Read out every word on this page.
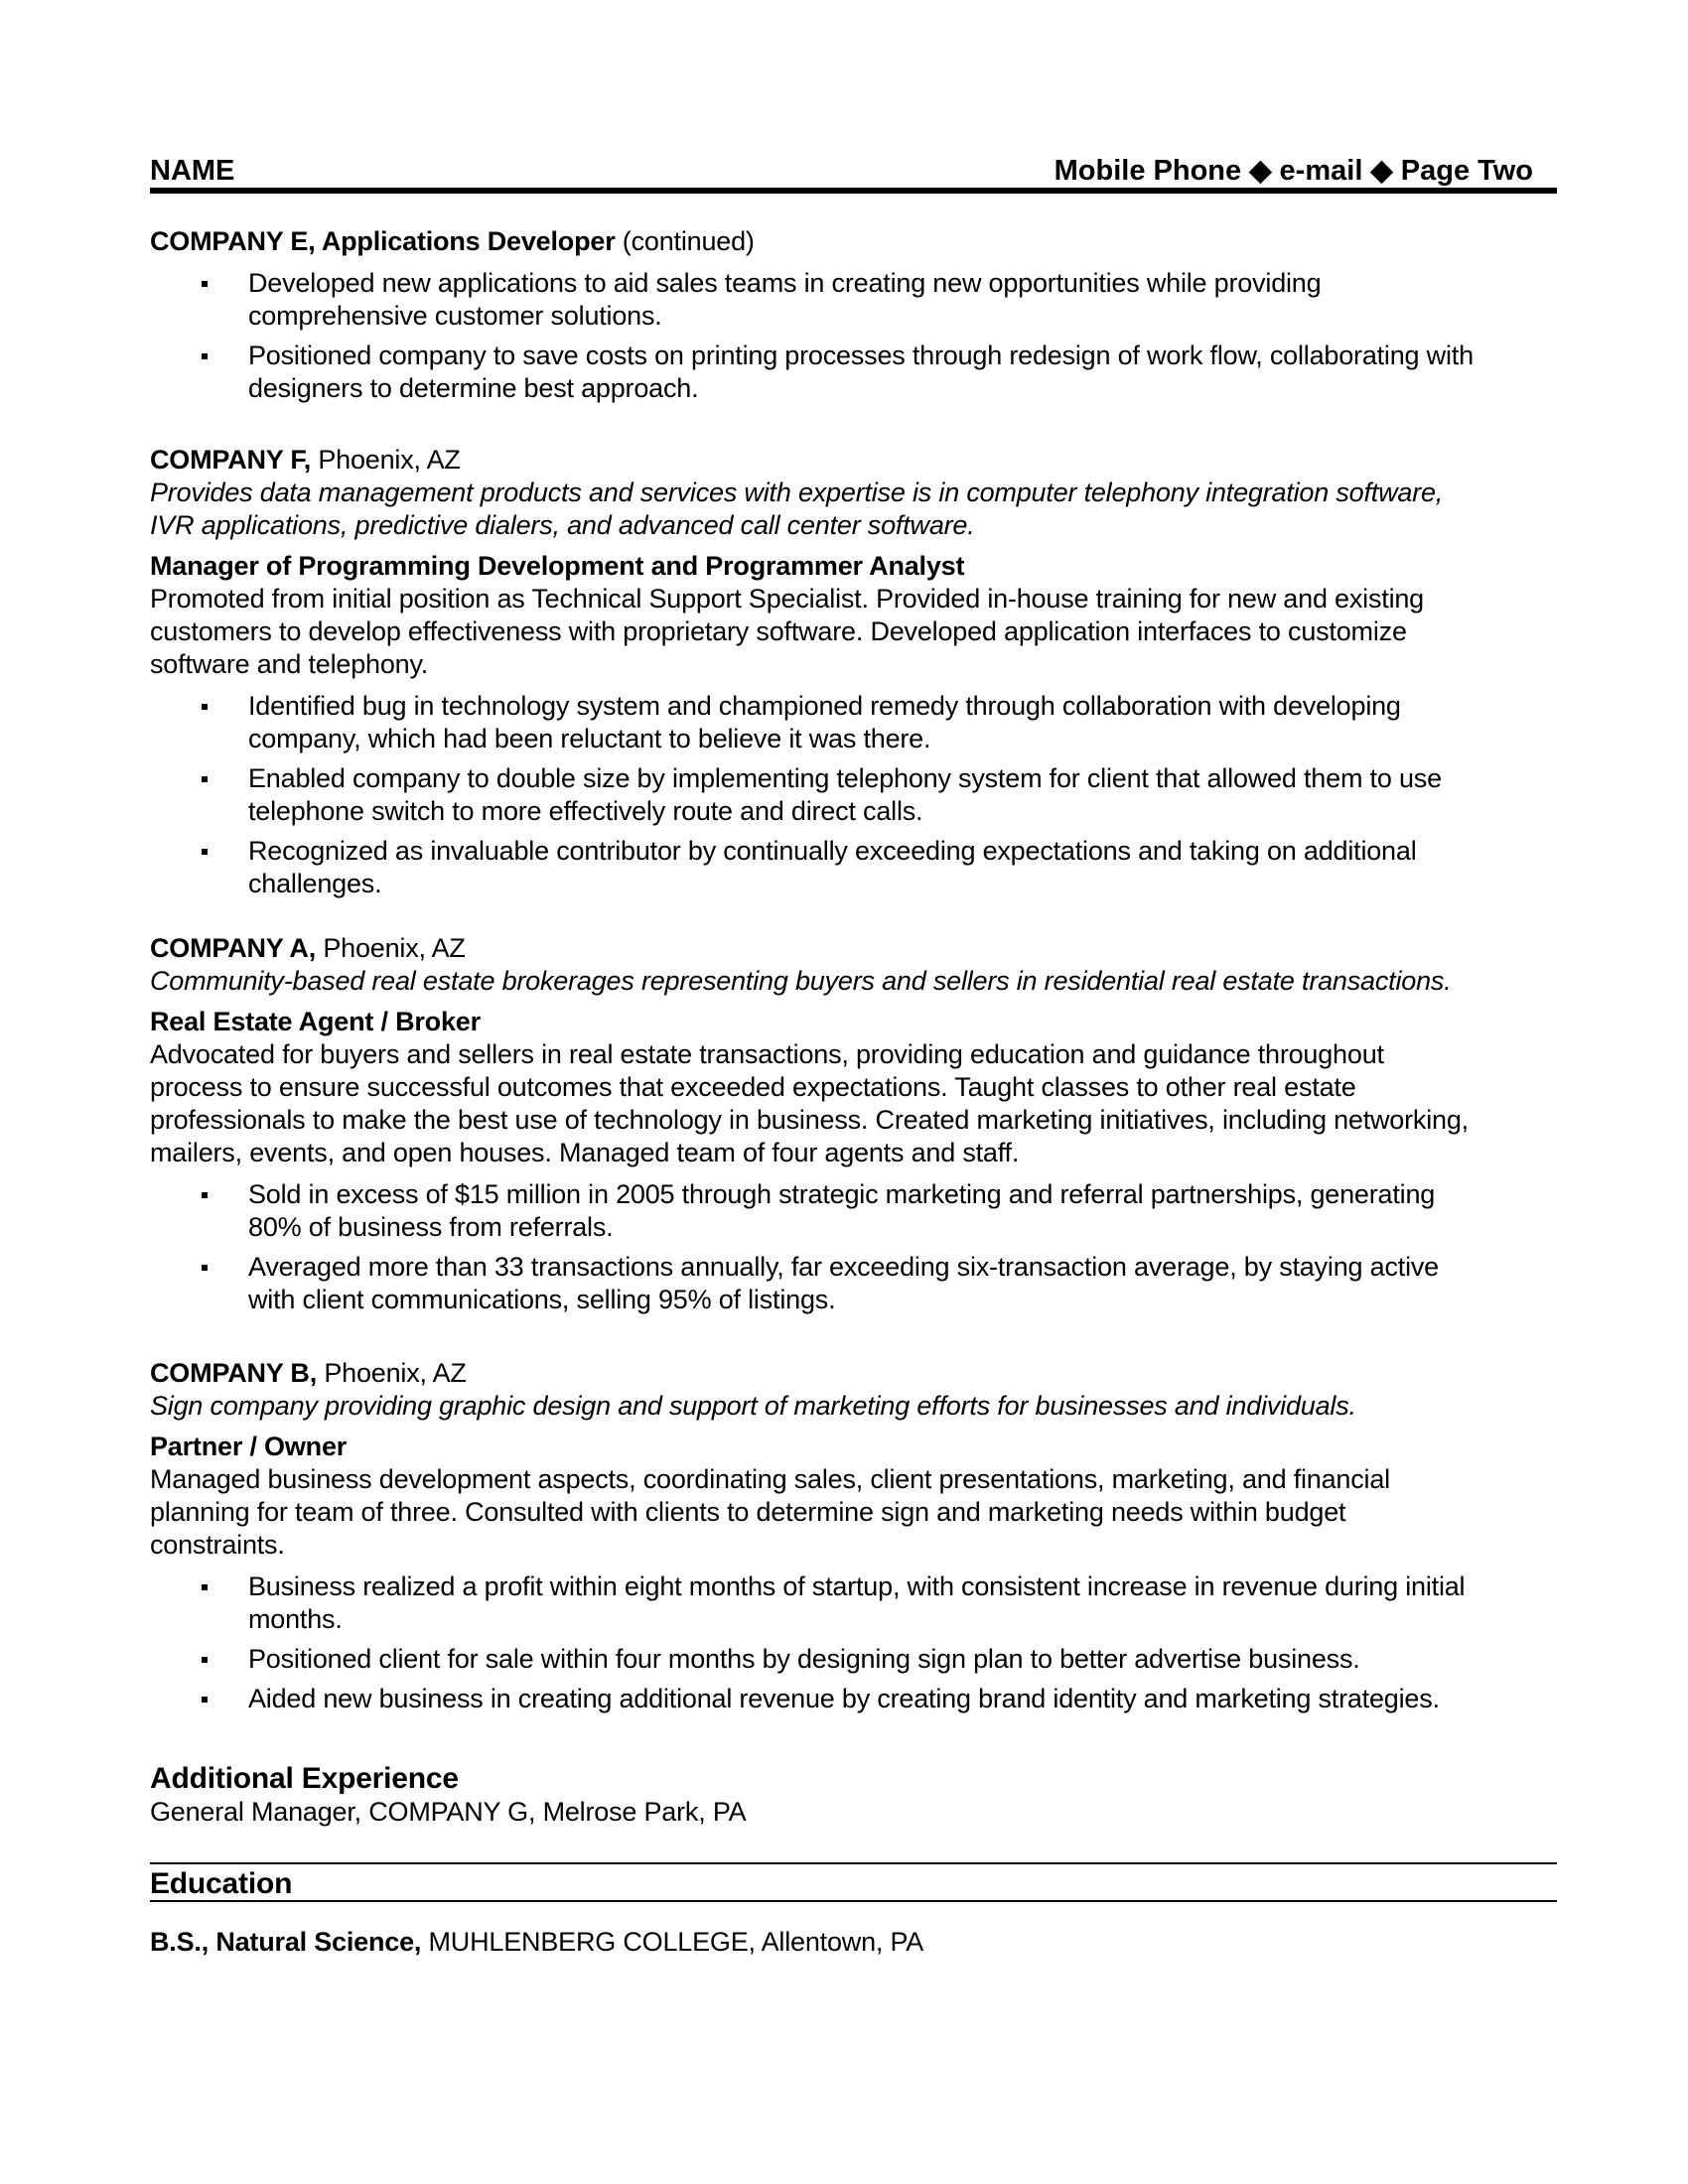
NAME	Mobile Phone ◆ e-mail ◆ Page Two
COMPANY E, Applications Developer (continued)
Developed new applications to aid sales teams in creating new opportunities while providing
comprehensive customer solutions.
Positioned company to save costs on printing processes through redesign of work flow, collaborating with
designers to determine best approach.
COMPANY F, Phoenix, AZ
Provides data management products and services with expertise is in computer telephony integration software,
IVR applications, predictive dialers, and advanced call center software.
Manager of Programming Development and Programmer Analyst
Promoted from initial position as Technical Support Specialist. Provided in-house training for new and existing
customers to develop effectiveness with proprietary software. Developed application interfaces to customize
software and telephony.
Identified bug in technology system and championed remedy through collaboration with developing
company, which had been reluctant to believe it was there.
Enabled company to double size by implementing telephony system for client that allowed them to use
telephone switch to more effectively route and direct calls.
Recognized as invaluable contributor by continually exceeding expectations and taking on additional
challenges.
COMPANY A, Phoenix, AZ
Community-based real estate brokerages representing buyers and sellers in residential real estate transactions.
Real Estate Agent / Broker
Advocated for buyers and sellers in real estate transactions, providing education and guidance throughout
process to ensure successful outcomes that exceeded expectations. Taught classes to other real estate
professionals to make the best use of technology in business. Created marketing initiatives, including networking,
mailers, events, and open houses. Managed team of four agents and staff.
Sold in excess of $15 million in 2005 through strategic marketing and referral partnerships, generating
80% of business from referrals.
Averaged more than 33 transactions annually, far exceeding six-transaction average, by staying active
with client communications, selling 95% of listings.
COMPANY B, Phoenix, AZ
Sign company providing graphic design and support of marketing efforts for businesses and individuals.
Partner / Owner
Managed business development aspects, coordinating sales, client presentations, marketing, and financial
planning for team of three. Consulted with clients to determine sign and marketing needs within budget
constraints.
Business realized a profit within eight months of startup, with consistent increase in revenue during initial
months.
Positioned client for sale within four months by designing sign plan to better advertise business.
Aided new business in creating additional revenue by creating brand identity and marketing strategies.
Additional Experience
General Manager, COMPANY G, Melrose Park, PA
Education
B.S., Natural Science, MUHLENBERG COLLEGE, Allentown, PA
